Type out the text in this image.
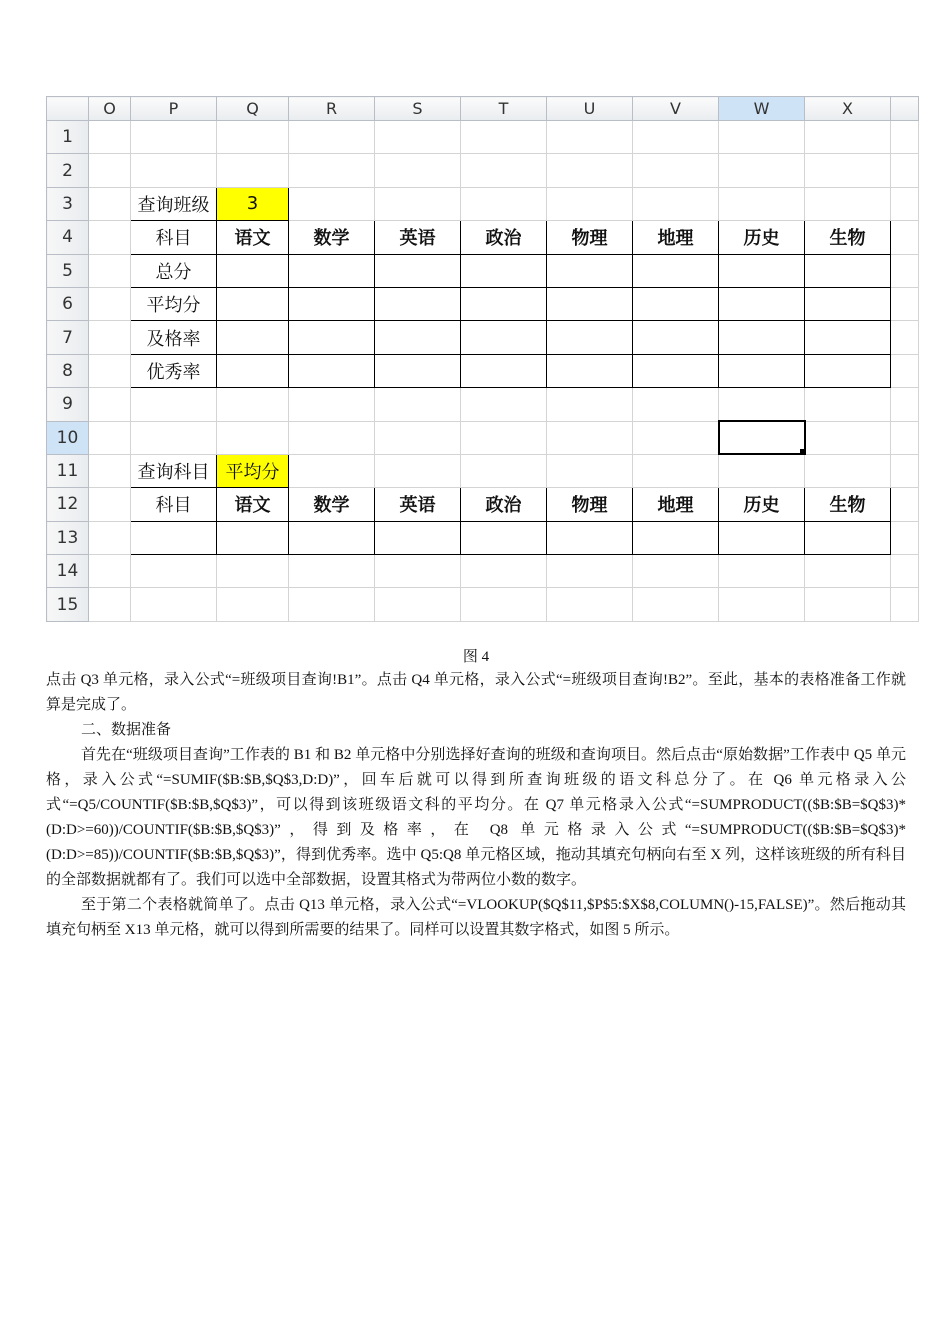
	O	P	Q	R	S	T	U	V	W	X	
1											
2											
3		查询班级	3								
4		科目	语文	数学	英语	政治	物理	地理	历史	生物	
5		总分									
6		平均分									
7		及格率									
8		优秀率									
9											
10									

11		查询科目	平均分								
12		科目	语文	数学	英语	政治	物理	地理	历史	生物	
13											
14											
15											
图 4

点击 Q3 单元格，录入公式“=班级项目查询!B1”。点击 Q4 单元格，录入公式“=班级项目查询!B2”。至此，基本的表格准备工作就算是完成了。

二、数据准备

首先在“班级项目查询”工作表的 B1 和 B2 单元格中分别选择好查询的班级和查询项目。然后点击“原始数据”工作表中 Q5 单元格，录入公式“=SUMIF($B:$B,$Q$3,D:D)”，回车后就可以得到所查询班级的语文科总分了。在 Q6 单元格录入公式“=Q5/COUNTIF($B:$B,$Q$3)”，可以得到该班级语文科的平均分。在 Q7 单元格录入公式“=SUMPRODUCT(($B:$B=$Q$3)*(D:D>=60))/COUNTIF($B:$B,$Q$3)”，得到及格率，在 Q8 单元格录入公式“=SUMPRODUCT(($B:$B=$Q$3)*(D:D>=85))/COUNTIF($B:$B,$Q$3)”，得到优秀率。选中 Q5:Q8 单元格区域，拖动其填充句柄向右至 X 列，这样该班级的所有科目的全部数据就都有了。我们可以选中全部数据，设置其格式为带两位小数的数字。

至于第二个表格就简单了。点击 Q13 单元格，录入公式“=VLOOKUP($Q$11,$P$5:$X$8,COLUMN()-15,FALSE)”。然后拖动其填充句柄至 X13 单元格，就可以得到所需要的结果了。同样可以设置其数字格式，如图 5 所示。
